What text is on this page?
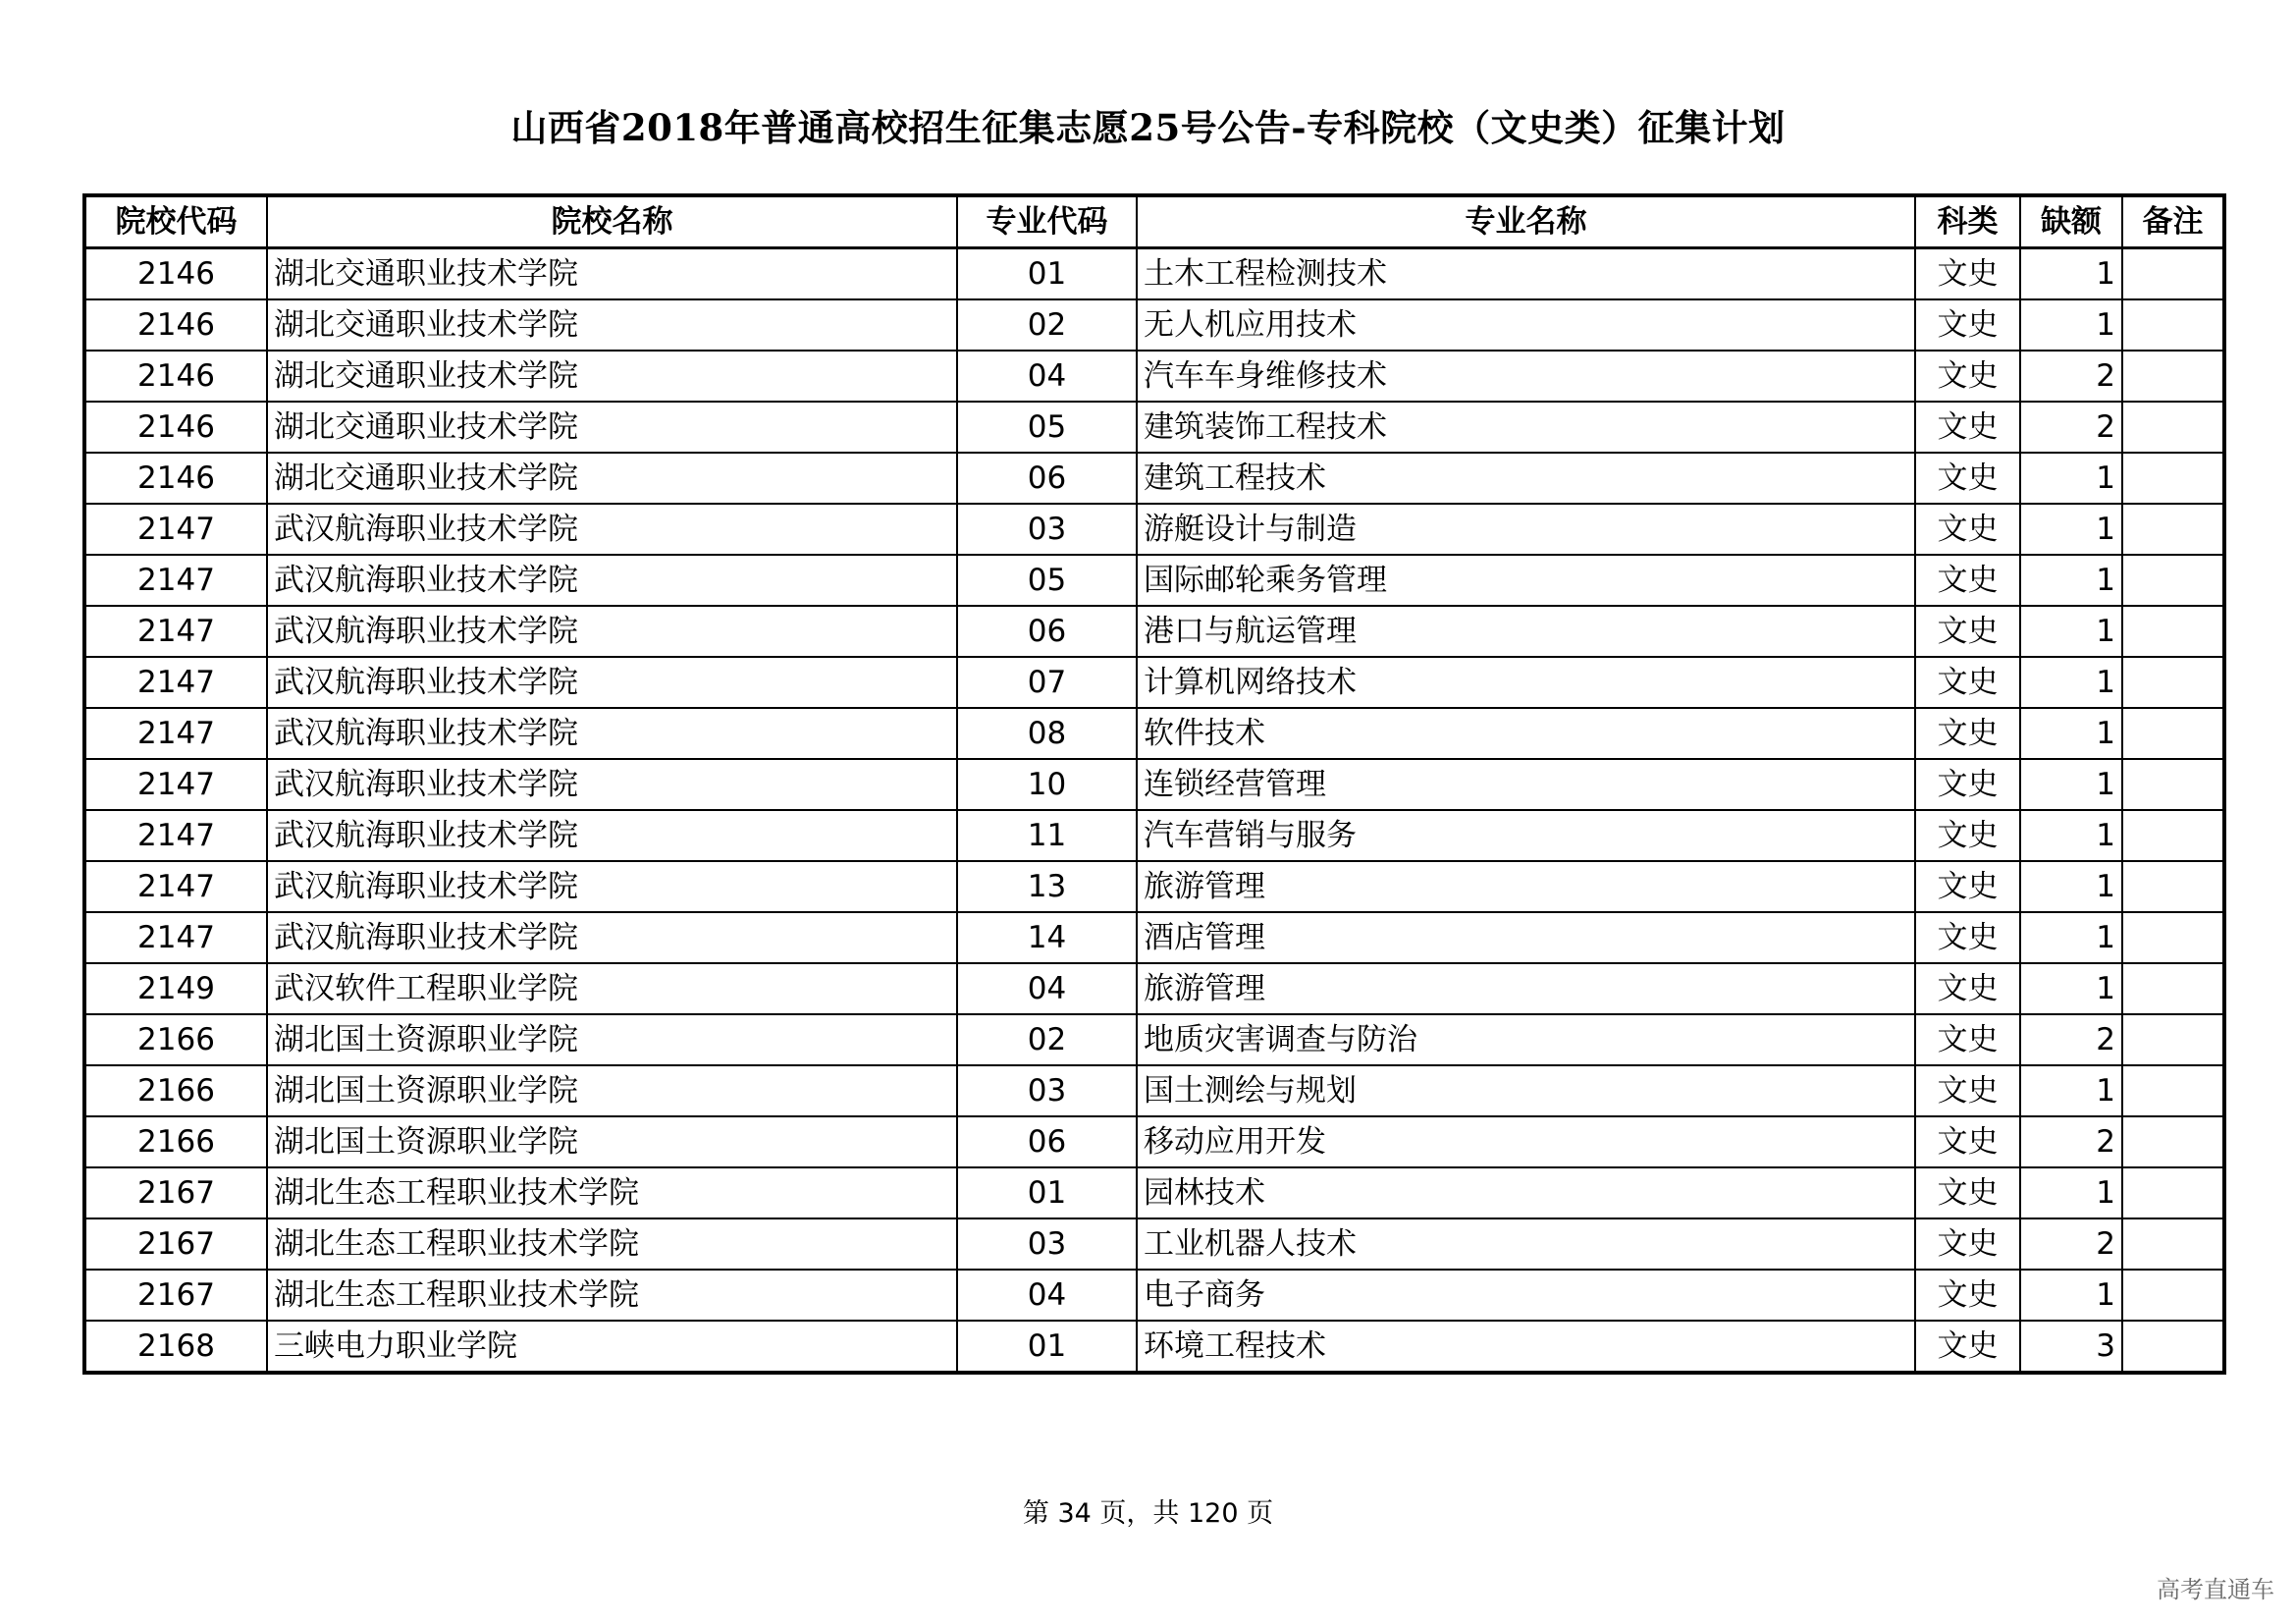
山西省2018年普通高校招生征集志愿25号公告-专科院校（文史类）征集计划
院校代码	院校名称	专业代码	专业名称	科类	缺额	备注
2146	湖北交通职业技术学院	01	土木工程检测技术	文史	1	
2146	湖北交通职业技术学院	02	无人机应用技术	文史	1	
2146	湖北交通职业技术学院	04	汽车车身维修技术	文史	2	
2146	湖北交通职业技术学院	05	建筑装饰工程技术	文史	2	
2146	湖北交通职业技术学院	06	建筑工程技术	文史	1	
2147	武汉航海职业技术学院	03	游艇设计与制造	文史	1	
2147	武汉航海职业技术学院	05	国际邮轮乘务管理	文史	1	
2147	武汉航海职业技术学院	06	港口与航运管理	文史	1	
2147	武汉航海职业技术学院	07	计算机网络技术	文史	1	
2147	武汉航海职业技术学院	08	软件技术	文史	1	
2147	武汉航海职业技术学院	10	连锁经营管理	文史	1	
2147	武汉航海职业技术学院	11	汽车营销与服务	文史	1	
2147	武汉航海职业技术学院	13	旅游管理	文史	1	
2147	武汉航海职业技术学院	14	酒店管理	文史	1	
2149	武汉软件工程职业学院	04	旅游管理	文史	1	
2166	湖北国土资源职业学院	02	地质灾害调查与防治	文史	2	
2166	湖北国土资源职业学院	03	国土测绘与规划	文史	1	
2166	湖北国土资源职业学院	06	移动应用开发	文史	2	
2167	湖北生态工程职业技术学院	01	园林技术	文史	1	
2167	湖北生态工程职业技术学院	03	工业机器人技术	文史	2	
2167	湖北生态工程职业技术学院	04	电子商务	文史	1	
2168	三峡电力职业学院	01	环境工程技术	文史	3	
第 34 页，共 120 页
高考直通车
